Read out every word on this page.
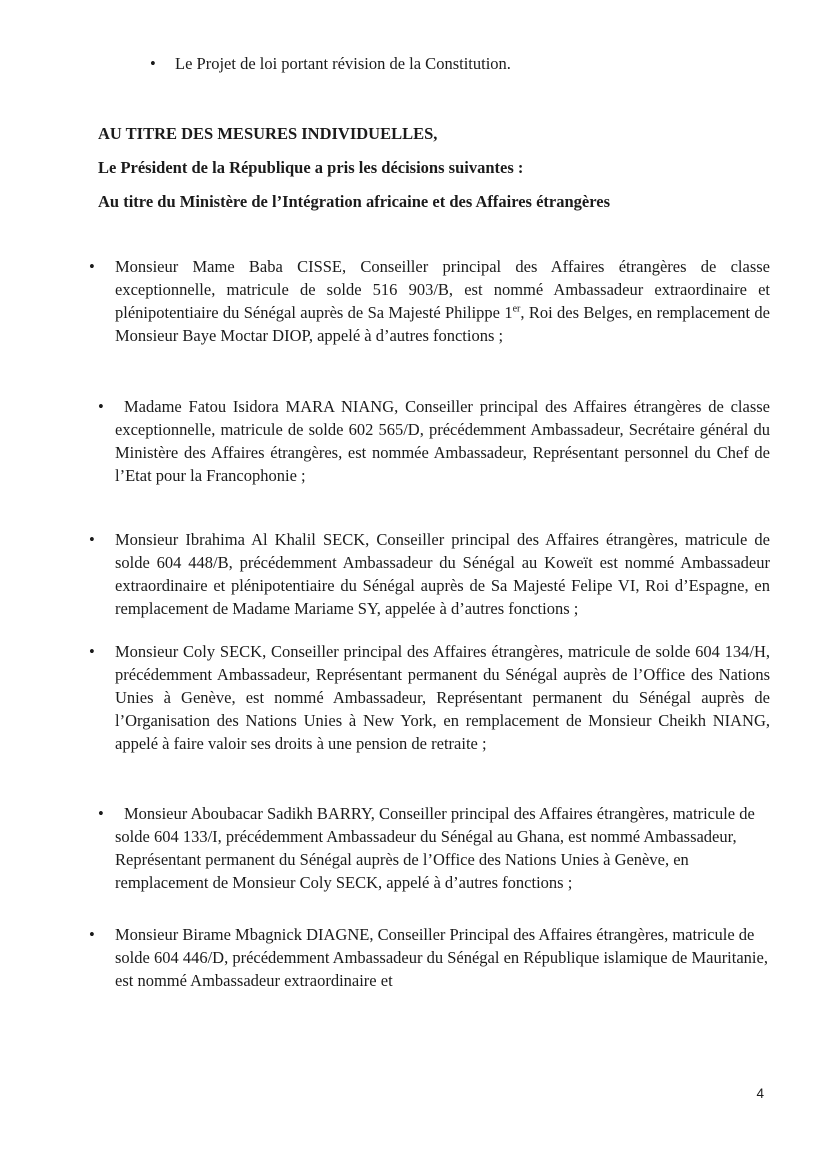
• Le Projet de loi portant révision de la Constitution.
AU TITRE DES MESURES INDIVIDUELLES,
Le Président de la République a pris les décisions suivantes :
Au titre du Ministère de l’Intégration africaine et des Affaires étrangères
• Monsieur Mame Baba CISSE, Conseiller principal des Affaires étrangères de classe exceptionnelle, matricule de solde 516 903/B, est nommé Ambassadeur extraordinaire et plénipotentiaire du Sénégal auprès de Sa Majesté Philippe 1er, Roi des Belges, en remplacement de Monsieur Baye Moctar DIOP, appelé à d’autres fonctions ;
• Madame Fatou Isidora MARA NIANG, Conseiller principal des Affaires étrangères de classe exceptionnelle, matricule de solde 602 565/D, précédemment Ambassadeur, Secrétaire général du Ministère des Affaires étrangères, est nommée Ambassadeur, Représentant personnel du Chef de l’Etat pour la Francophonie ;
• Monsieur Ibrahima Al Khalil SECK, Conseiller principal des Affaires étrangères, matricule de solde 604 448/B, précédemment Ambassadeur du Sénégal au Koweït est nommé Ambassadeur extraordinaire et plénipotentiaire du Sénégal auprès de Sa Majesté Felipe VI, Roi d’Espagne, en remplacement de Madame Mariame SY, appelée à d’autres fonctions ;
• Monsieur Coly SECK, Conseiller principal des Affaires étrangères, matricule de solde 604 134/H, précédemment Ambassadeur, Représentant permanent du Sénégal auprès de l’Office des Nations Unies à Genève, est nommé Ambassadeur, Représentant permanent du Sénégal auprès de l’Organisation des Nations Unies à New York, en remplacement de Monsieur Cheikh NIANG, appelé à faire valoir ses droits à une pension de retraite ;
• Monsieur Aboubacar Sadikh BARRY, Conseiller principal des Affaires étrangères, matricule de solde 604 133/I, précédemment Ambassadeur du Sénégal au Ghana, est nommé Ambassadeur, Représentant permanent du Sénégal auprès de l’Office des Nations Unies à Genève, en remplacement de Monsieur Coly SECK, appelé à d’autres fonctions ;
• Monsieur Birame Mbagnick DIAGNE, Conseiller Principal des Affaires étrangères, matricule de solde 604 446/D, précédemment Ambassadeur du Sénégal en République islamique de Mauritanie, est nommé Ambassadeur extraordinaire et
4
